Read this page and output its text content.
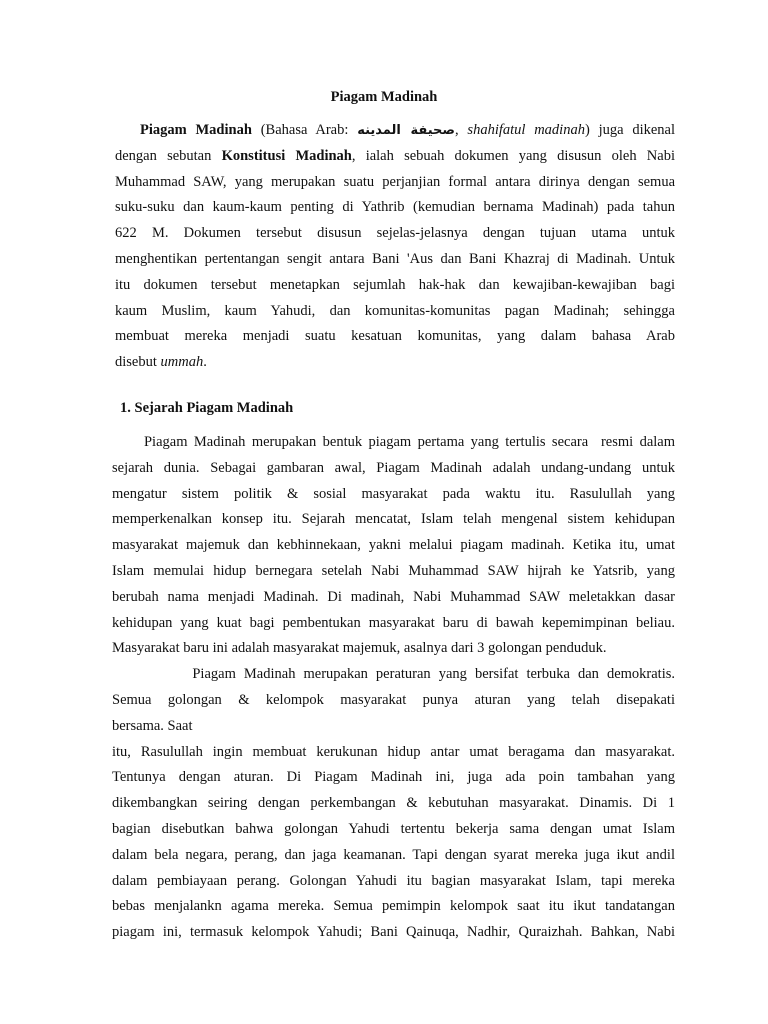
Piagam Madinah
Piagam Madinah (Bahasa Arab: صحيفة المدينه, shahifatul madinah) juga dikenal
dengan sebutan Konstitusi Madinah, ialah sebuah dokumen yang disusun oleh Nabi
Muhammad SAW, yang merupakan suatu perjanjian formal antara dirinya dengan semua
suku-suku dan kaum-kaum penting di Yathrib (kemudian bernama Madinah) pada tahun
622 M. Dokumen tersebut disusun sejelas-jelasnya dengan tujuan utama untuk
menghentikan pertentangan sengit antara Bani 'Aus dan Bani Khazraj di Madinah. Untuk
itu dokumen tersebut menetapkan sejumlah hak-hak dan kewajiban-kewajiban bagi
kaum Muslim, kaum Yahudi, dan komunitas-komunitas pagan Madinah; sehingga
membuat mereka menjadi suatu kesatuan komunitas, yang dalam bahasa Arab
disebut ummah.
1. Sejarah Piagam Madinah
Piagam Madinah merupakan bentuk piagam pertama yang tertulis secara  resmi dalam
sejarah dunia. Sebagai gambaran awal, Piagam Madinah adalah undang-undang untuk
mengatur sistem politik & sosial masyarakat pada waktu itu. Rasulullah yang
memperkenalkan konsep itu. Sejarah mencatat, Islam telah mengenal sistem kehidupan
masyarakat majemuk dan kebhinnekaan, yakni melalui piagam madinah. Ketika itu, umat
Islam memulai hidup bernegara setelah Nabi Muhammad SAW hijrah ke Yatsrib, yang
berubah nama menjadi Madinah. Di madinah, Nabi Muhammad SAW meletakkan dasar
kehidupan yang kuat bagi pembentukan masyarakat baru di bawah kepemimpinan beliau.
Masyarakat baru ini adalah masyarakat majemuk, asalnya dari 3 golongan penduduk.
Piagam Madinah merupakan peraturan yang bersifat terbuka dan demokratis.
Semua golongan & kelompok masyarakat punya aturan yang telah disepakati
bersama. Saat
itu, Rasulullah ingin membuat kerukunan hidup antar umat beragama dan masyarakat.
Tentunya dengan aturan. Di Piagam Madinah ini, juga ada poin tambahan yang
dikembangkan seiring dengan perkembangan & kebutuhan masyarakat. Dinamis. Di 1
bagian disebutkan bahwa golongan Yahudi tertentu bekerja sama dengan umat Islam
dalam bela negara, perang, dan jaga keamanan. Tapi dengan syarat mereka juga ikut andil
dalam pembiayaan perang. Golongan Yahudi itu bagian masyarakat Islam, tapi mereka
bebas menjalankn agama mereka. Semua pemimpin kelompok saat itu ikut tandatangan
piagam ini, termasuk kelompok Yahudi; Bani Qainuqa, Nadhir, Quraizhah. Bahkan, Nabi
